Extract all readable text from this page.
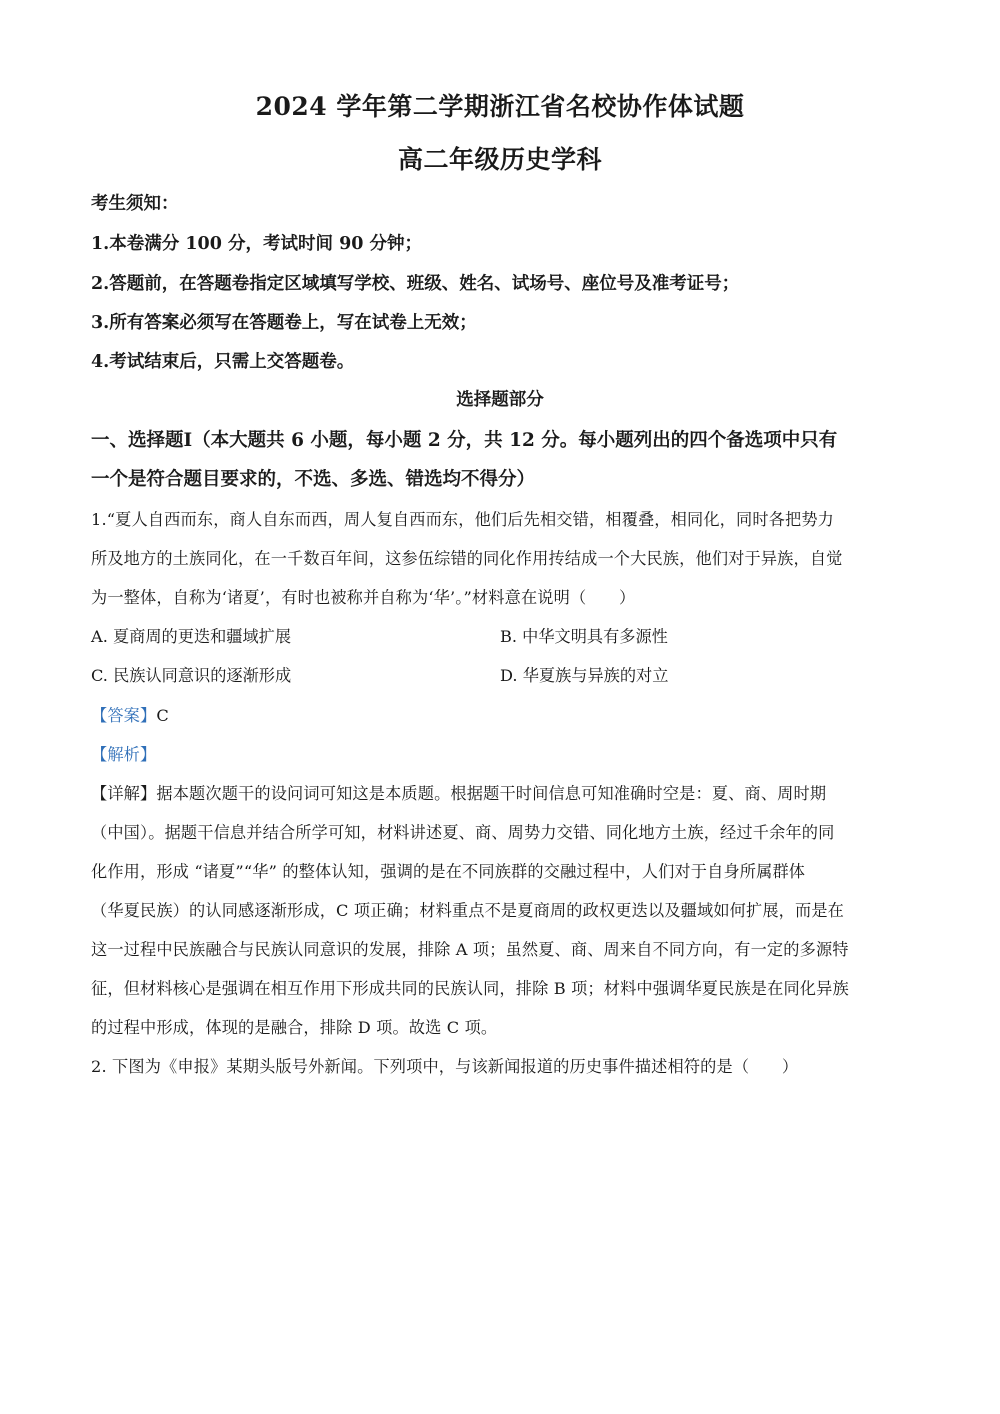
2024 学年第二学期浙江省名校协作体试题
高二年级历史学科
考生须知：
1.本卷满分 100 分，考试时间 90 分钟；
2.答题前，在答题卷指定区域填写学校、班级、姓名、试场号、座位号及准考证号；
3.所有答案必须写在答题卷上，写在试卷上无效；
4.考试结束后，只需上交答题卷。
选择题部分
一、选择题Ⅰ（本大题共 6 小题，每小题 2 分，共 12 分。每小题列出的四个备选项中只有
一个是符合题目要求的，不选、多选、错选均不得分）
1.“夏人自西而东，商人自东而西，周人复自西而东，他们后先相交错，相覆叠，相同化，同时各把势力
所及地方的土族同化，在一千数百年间，这参伍综错的同化作用抟结成一个大民族，他们对于异族，自觉
为一整体，自称为‘诸夏’，有时也被称并自称为‘华’。”材料意在说明（　　）
A. 夏商周的更迭和疆域扩展	B. 中华文明具有多源性
C. 民族认同意识的逐渐形成	D. 华夏族与异族的对立
【答案】C
【解析】
【详解】据本题次题干的设问词可知这是本质题。根据题干时间信息可知准确时空是：夏、商、周时期
（中国）。据题干信息并结合所学可知，材料讲述夏、商、周势力交错、同化地方土族，经过千余年的同
化作用，形成 “诸夏”“华” 的整体认知，强调的是在不同族群的交融过程中，人们对于自身所属群体
（华夏民族）的认同感逐渐形成，C 项正确；材料重点不是夏商周的政权更迭以及疆域如何扩展，而是在
这一过程中民族融合与民族认同意识的发展，排除 A 项；虽然夏、商、周来自不同方向，有一定的多源特
征，但材料核心是强调在相互作用下形成共同的民族认同，排除 B 项；材料中强调华夏民族是在同化异族
的过程中形成，体现的是融合，排除 D 项。故选 C 项。
2. 下图为《申报》某期头版号外新闻。下列项中，与该新闻报道的历史事件描述相符的是（　　）
